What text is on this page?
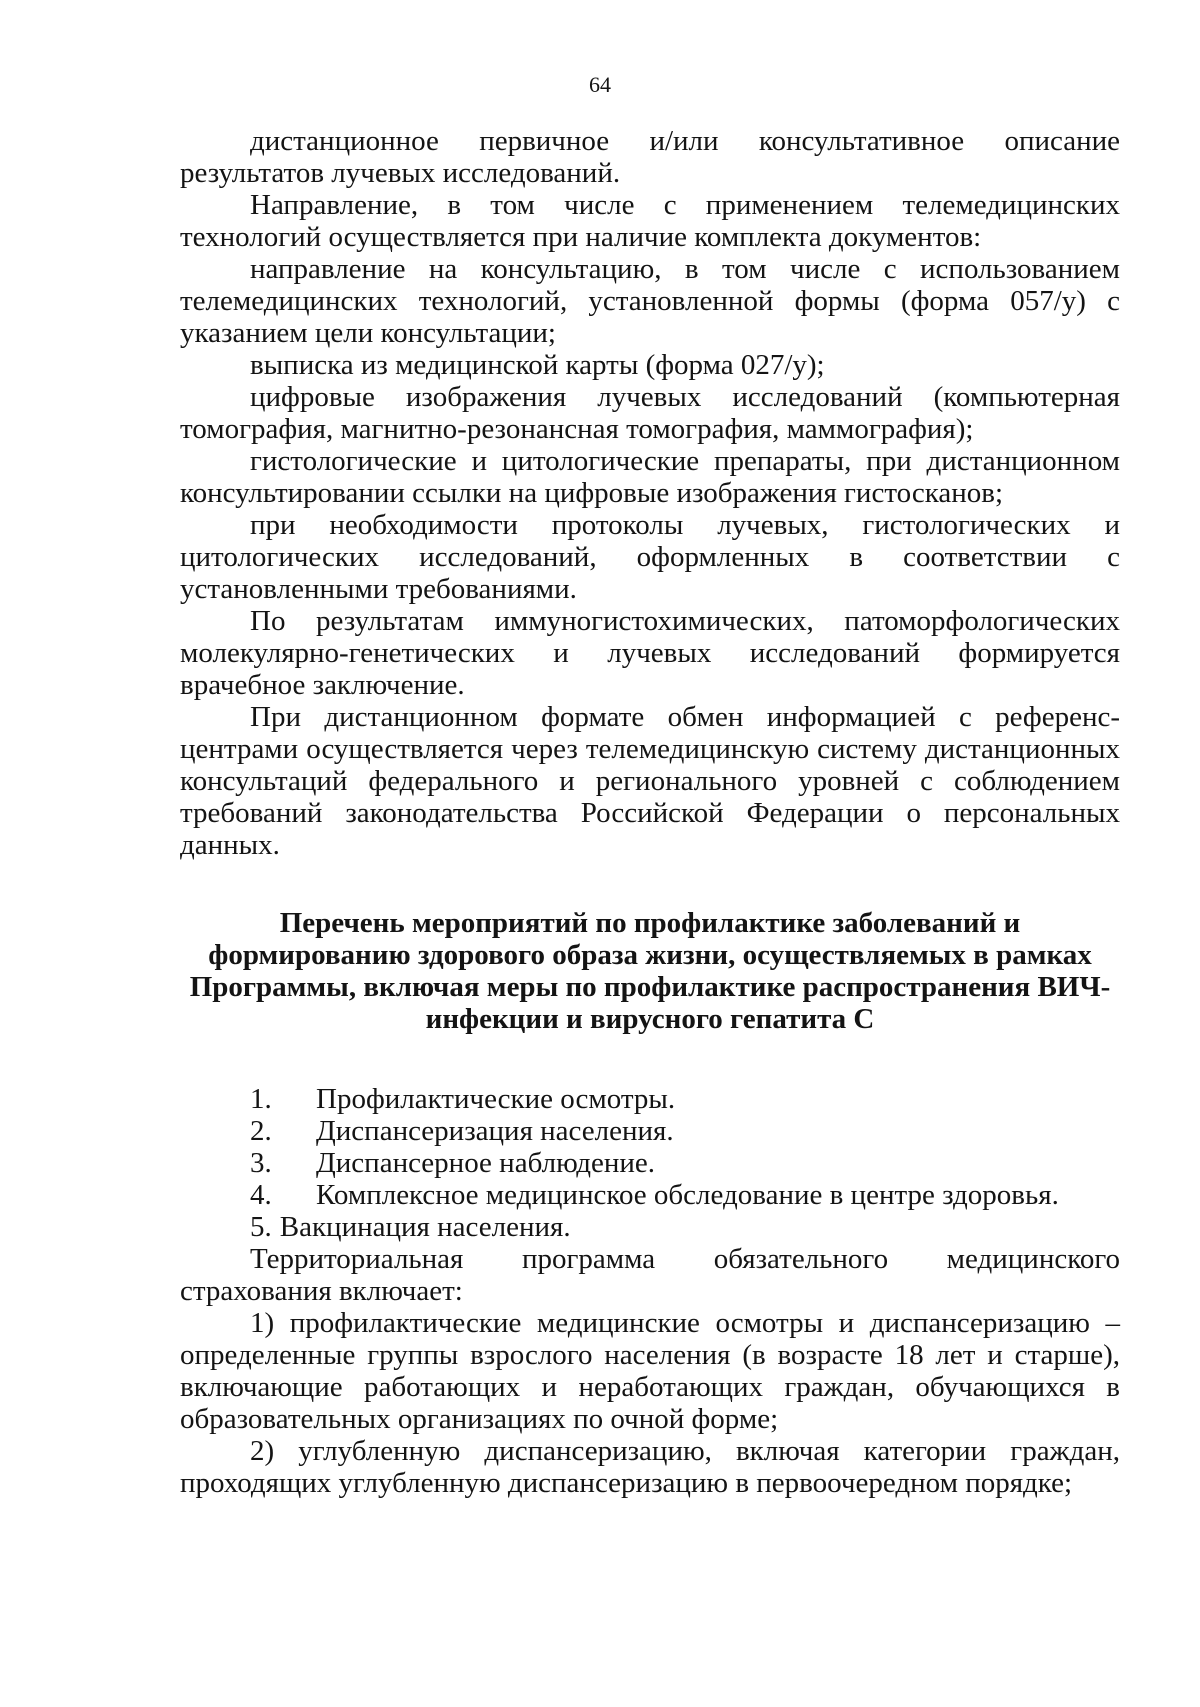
64

дистанционное первичное и/или консультативное описание результатов лучевых исследований.

Направление, в том числе с применением телемедицинских технологий осуществляется при наличие комплекта документов:

направление на консультацию, в том числе с использованием телемедицинских технологий, установленной формы (форма 057/у) с указанием цели консультации;

выписка из медицинской карты (форма 027/у);

цифровые изображения лучевых исследований (компьютерная томография, магнитно-резонансная томография, маммография);

гистологические и цитологические препараты, при дистанционном консультировании ссылки на цифровые изображения гистосканов;

при необходимости протоколы лучевых, гистологических и цитологических исследований, оформленных в соответствии с установленными требованиями.

По результатам иммуногистохимических, патоморфологических молекулярно-генетических и лучевых исследований формируется врачебное заключение.

При дистанционном формате обмен информацией с референс-центрами осуществляется через телемедицинскую систему дистанционных консультаций федерального и регионального уровней с соблюдением требований законодательства Российской Федерации о персональных данных.

Перечень мероприятий по профилактике заболеваний и
формированию здорового образа жизни, осуществляемых в рамках
Программы, включая меры по профилактике распространения ВИЧ-
инфекции и вирусного гепатита С
1.	Профилактические осмотры.
2.	Диспансеризация населения.
3.	Диспансерное наблюдение.
4.	Комплексное медицинское обследование в центре здоровья.
5. Вакцинация населения.

Территориальная программа обязательного медицинского страхования включает:

1) профилактические медицинские осмотры и диспансеризацию – определенные группы взрослого населения (в возрасте 18 лет и старше), включающие работающих и неработающих граждан, обучающихся в образовательных организациях по очной форме;

2) углубленную диспансеризацию, включая категории граждан, проходящих углубленную диспансеризацию в первоочередном порядке;
